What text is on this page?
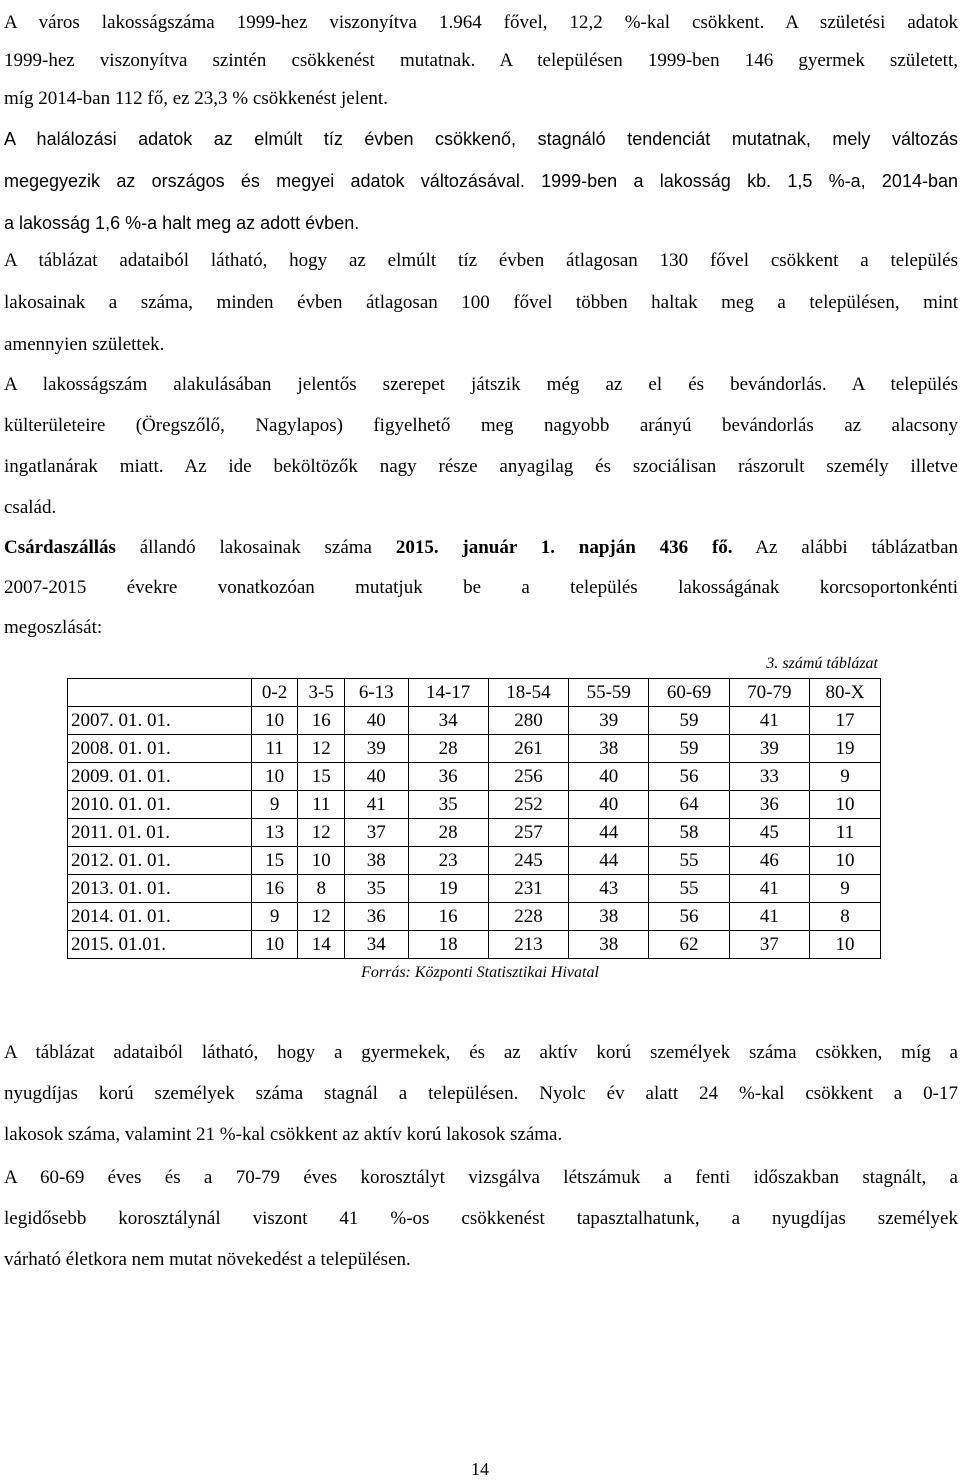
A város lakosságszáma 1999-hez viszonyítva 1.964 fővel, 12,2 %-kal csökkent. A születési adatok
1999-hez viszonyítva szintén csökkenést mutatnak. A településen 1999-ben 146 gyermek született,
míg 2014-ban 112 fő, ez 23,3 % csökkenést jelent.

A halálozási adatok az elmúlt tíz évben csökkenő, stagnáló tendenciát mutatnak, mely változás
megegyezik az országos és megyei adatok változásával. 1999-ben a lakosság kb. 1,5 %-a, 2014-ban
a lakosság 1,6 %-a halt meg az adott évben.

A táblázat adataiból látható, hogy az elmúlt tíz évben átlagosan 130 fővel csökkent a település
lakosainak a száma, minden évben átlagosan 100 fővel többen haltak meg a településen, mint
amennyien születtek.

A lakosságszám alakulásában jelentős szerepet játszik még az el és bevándorlás. A település
külterületeire (Öregszőlő, Nagylapos) figyelhető meg nagyobb arányú bevándorlás az alacsony
ingatlanárak miatt. Az ide beköltözők nagy része anyagilag és szociálisan rászorult személy illetve
család.

Csárdaszállás állandó lakosainak száma 2015. január 1. napján 436 fő. Az alábbi táblázatban
2007-2015 évekre vonatkozóan mutatjuk be a település lakosságának korcsoportonkénti
megoszlását:

3. számú táblázat

	0-2	3-5	6-13	14-17	18-54	55-59	60-69	70-79	80-X
2007. 01. 01.	10	16	40	34	280	39	59	41	17
2008. 01. 01.	11	12	39	28	261	38	59	39	19
2009. 01. 01.	10	15	40	36	256	40	56	33	9
2010. 01. 01.	9	11	41	35	252	40	64	36	10
2011. 01. 01.	13	12	37	28	257	44	58	45	11
2012. 01. 01.	15	10	38	23	245	44	55	46	10
2013. 01. 01.	16	8	35	19	231	43	55	41	9
2014. 01. 01.	9	12	36	16	228	38	56	41	8
2015. 01.01.	10	14	34	18	213	38	62	37	10

Forrás: Központi Statisztikai Hivatal

A táblázat adataiból látható, hogy a gyermekek, és az aktív korú személyek száma csökken, míg a
nyugdíjas korú személyek száma stagnál a településen. Nyolc év alatt 24 %-kal csökkent a 0-17
lakosok száma, valamint 21 %-kal csökkent az aktív korú lakosok száma.

A 60-69 éves és a 70-79 éves korosztályt vizsgálva létszámuk a fenti időszakban stagnált, a
legidősebb korosztálynál viszont 41 %-os csökkenést tapasztalhatunk, a nyugdíjas személyek
várható életkora nem mutat növekedést a településen.

14
